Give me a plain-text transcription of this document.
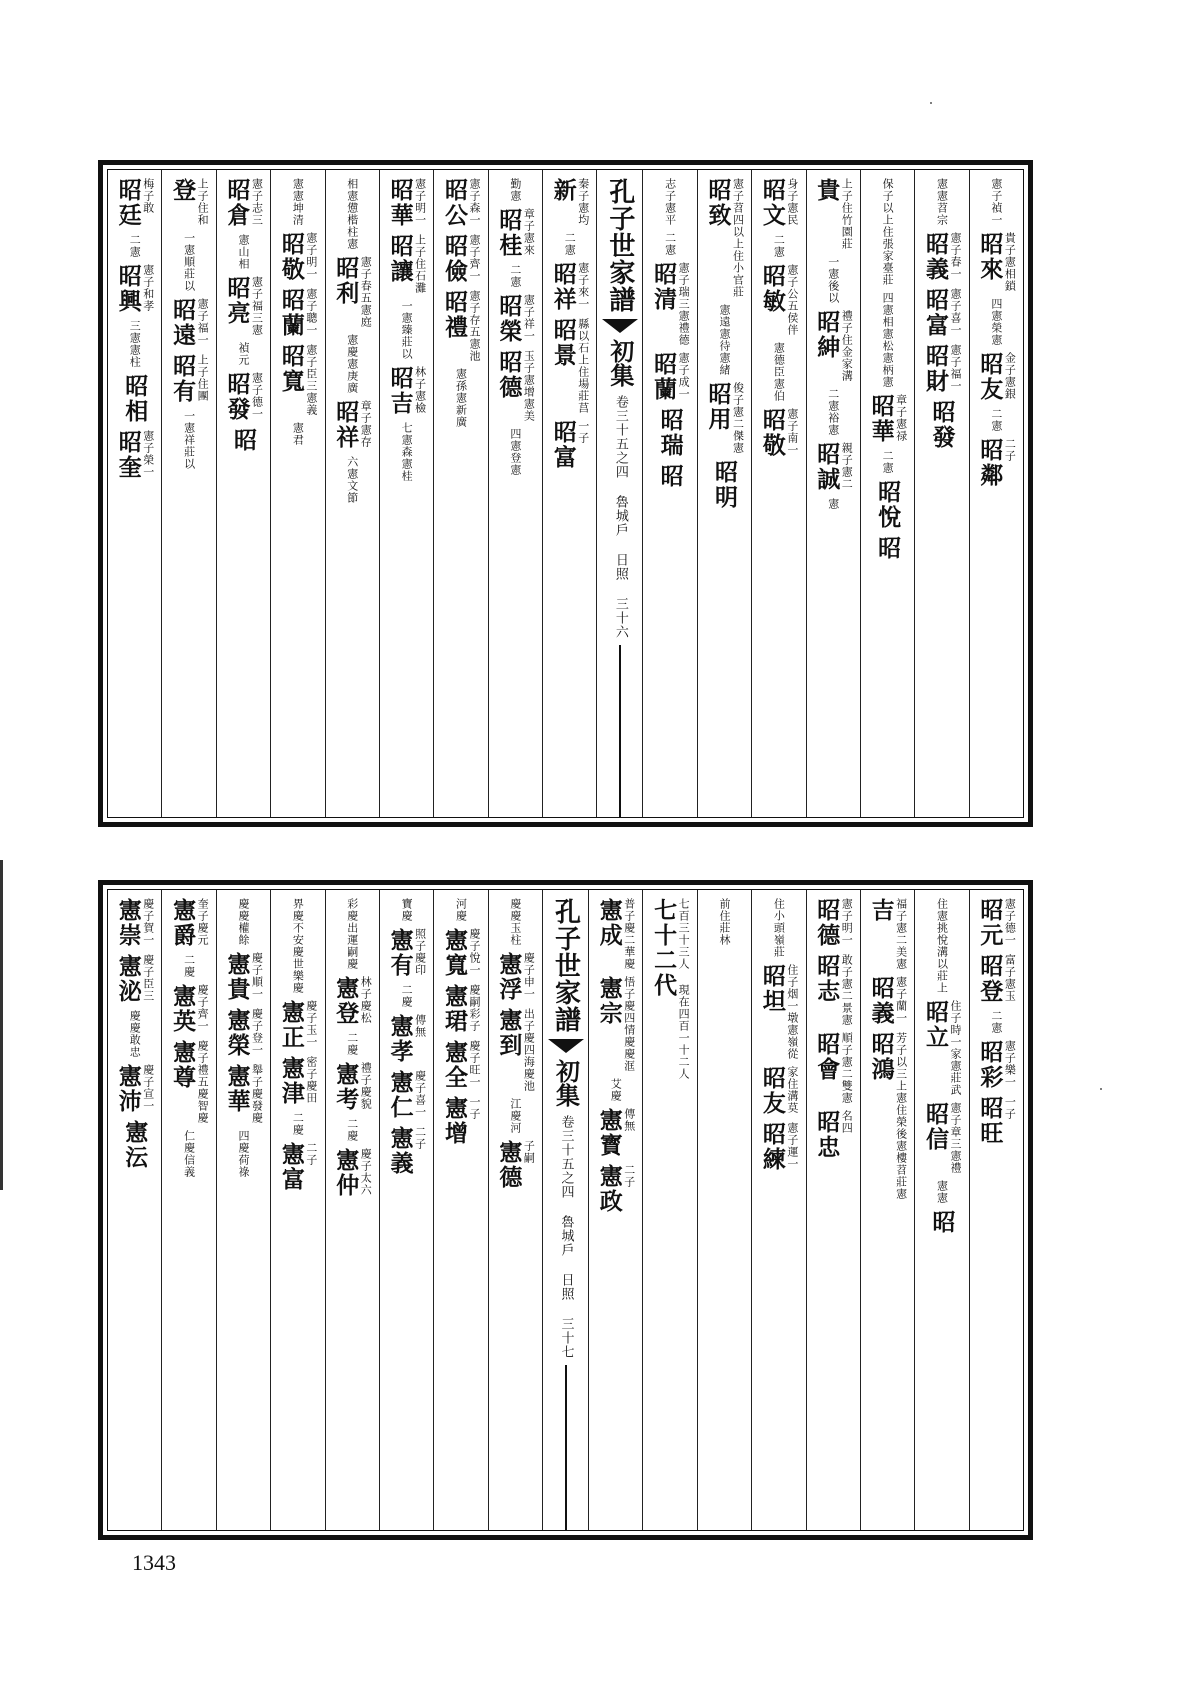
憲子禎一
昭來 貴子憲相鎖
四憲榮憲
昭友 金子憲銀
二憲
昭鄰 二子
憲憲苕宗
昭義 憲子春一
昭富 憲子喜一
昭財 憲子福一
昭發
保子以上住張家臺莊
四憲相憲松憲柄憲
昭華 章子憲禄
二憲
昭悅
昭
貴 上子住竹園莊
一憲後以
昭紳 禮子住金家溝
二憲裕憲
昭誠 親子憲二
憲
昭文 身子憲民
二憲
昭敏 憲子公五侯伴
憲德臣憲伯
昭敬 憲子南一
昭致 憲子苕四以上住小官莊
憲遠憲待憲緒
昭用 俊子憲二傑憲
昭明
志子憲平
二憲
昭清 憲子瑞三憲禮德
昭蘭 憲子成一
昭瑞
昭
孔子世家譜
初集
卷三十五之四 魯城戶 日照 三十六
新 秦子憲均
二憲
昭祥 憲子來一
昭景 縣以石上住場莊莒
昭富 一子
勤憲
昭桂 章子憲來
二憲
昭榮 憲子祥一
昭德 玉子憲增憲美
四憲登憲
昭公 憲子森一
昭儉 憲子齊一
昭禮 憲子存五憲池
憲孫憲新廣
昭華 憲子明一
昭讓 上子住石灘
一憲臻莊以
昭吉 林子憲檢
七憲森憲桂
相憲憊楷柱憲
昭利 憲子春五憲庭
憲慶憲庚廣
昭祥 章子憲存
六憲文節
憲憲坤清
昭敬 憲子明一
昭蘭 憲子聰一
昭寬 憲子臣三憲義
憲君
昭倉 憲子志三
憲山相
昭亮 憲子福三憲
禎元
昭發 憲子德一
昭
登 上子住和
一憲順莊以
昭遠 憲子福一
昭有 上子住團
一憲祥莊以
昭廷 梅子敢
二憲
昭興 憲子和孝
三憲憲柱
昭相
昭奎 憲子榮一
昭元 憲子德一
昭登 富子憲玉
二憲
昭彩 憲子樂一
昭旺 一子
住憲挑悅溝以莊上
昭立 住子時一家憲莊武
昭信 憲子章三憲禮
憲憲
昭
吉 福子憲二美憲
昭義 憲子蘭一
昭鴻 芳子以三上憲住榮後憲樓苕莊憲
昭德 憲子明一
昭志 敢子憲二景憲
昭會 順子憲二雙憲
昭忠 名四
住小頭嶺莊
昭坦 住子烟一墩憲嶺從
昭友 家住溝莫
昭練 憲子運一
前住莊林
七十二代 七百三十三人 現在四百一十二人
憲成 普子慶二華慶
憲宗 悟子慶四情慶慶洭
艾慶
憲寳 傳無
憲政 二子
孔子世家譜
初集
卷三十五之四 魯城戶 日照 三十七
慶慶玉柱
憲浮 慶子申一
憲到 出子慶四海慶池
江慶河
憲德 子嗣
河慶
憲寬 慶子悅一
憲珺 慶嗣彩子
憲全 慶子旺一
憲增 一子
寶慶
憲有 照子慶印
二慶
憲孝 傳無
憲仁 慶子喜一
憲義 二子
彩慶出運嗣慶
憲登 林子慶松
二慶
憲考 禮子慶貌
二慶
憲仲 慶子太六
界慶不安慶世樂慶
憲正 慶子玉一
憲津 密子慶田
二慶
憲富 二子
慶慶權餘
憲貴 慶子順一
憲榮 慶子登一
憲華 舉子慶發慶
四慶荷祿
憲爵 奎子慶元
二慶
憲英 慶子齊一
憲尊 慶子禮五慶智慶
仁慶信義
憲崇 慶子賀一
憲泌 慶子臣三
慶慶敢忠
憲沛 慶子宣一
憲沄
1343
